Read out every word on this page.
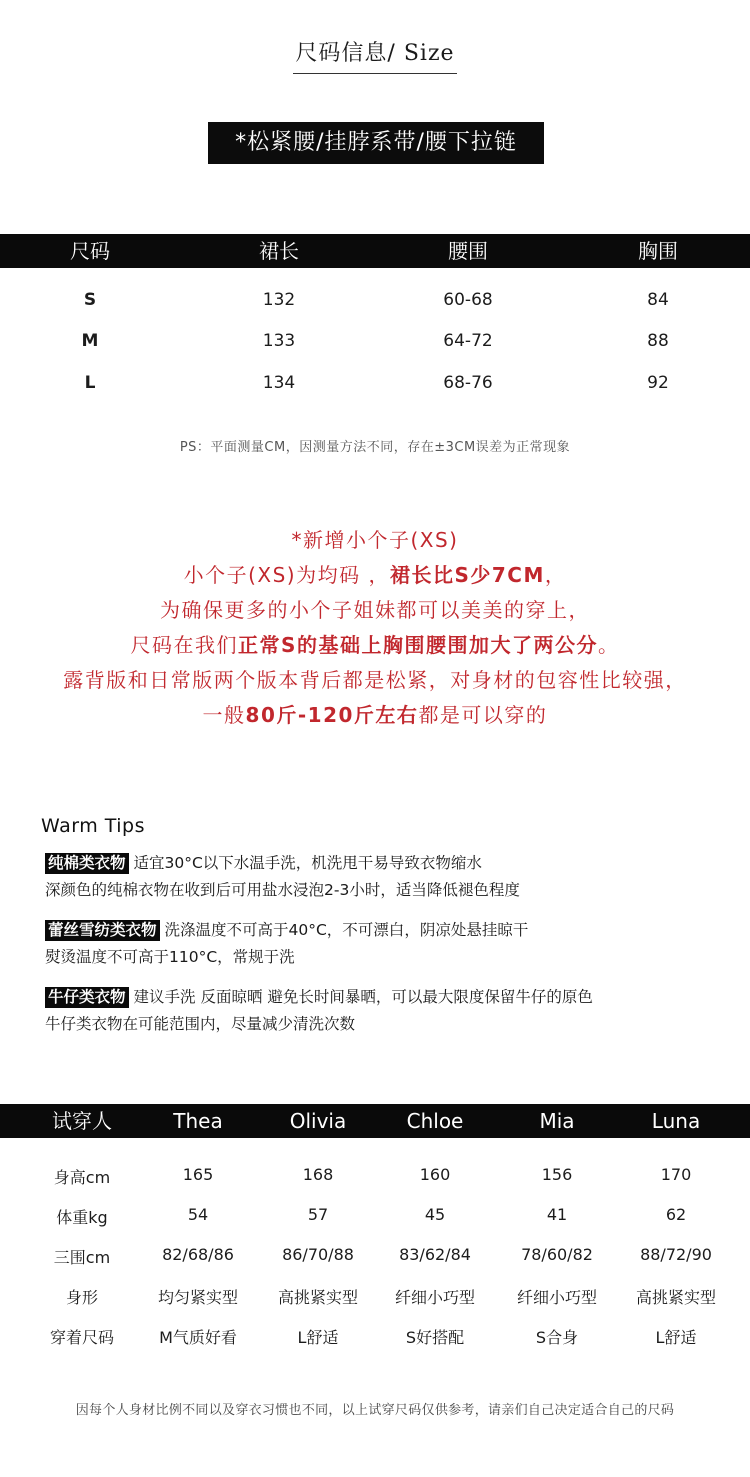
尺码信息/ Size
*松紧腰/挂脖系带/腰下拉链
尺码	裙长	腰围	胸围
S	132	60-68	84
M	133	64-72	88
L	134	68-76	92
PS：平面测量CM，因测量方法不同，存在±3CM误差为正常现象
*新增小个子(XS)
小个子(XS)为均码 ，裙长比S少7CM，
为确保更多的小个子姐妹都可以美美的穿上，
尺码在我们正常S的基础上胸围腰围加大了两公分。
露背版和日常版两个版本背后都是松紧，对身材的包容性比较强，
一般80斤-120斤左右都是可以穿的
Warm Tips
纯棉类衣物 适宜30°C以下水温手洗，机洗甩干易导致衣物缩水
深颜色的纯棉衣物在收到后可用盐水浸泡2-3小时，适当降低褪色程度
蕾丝雪纺类衣物 洗涤温度不可高于40°C，不可漂白，阴凉处悬挂晾干
熨烫温度不可高于110°C，常规于洗
牛仔类衣物 建议手洗 反面晾晒 避免长时间暴晒，可以最大限度保留牛仔的原色
牛仔类衣物在可能范围内，尽量减少清洗次数
试穿人	Thea	Olivia	Chloe	Mia	Luna
身高cm	165	168	160	156	170
体重kg	54	57	45	41	62
三围cm	82/68/86	86/70/88	83/62/84	78/60/82	88/72/90
身形	均匀紧实型	高挑紧实型	纤细小巧型	纤细小巧型	高挑紧实型
穿着尺码	M气质好看	L舒适	S好搭配	S合身	L舒适
因每个人身材比例不同以及穿衣习惯也不同，以上试穿尺码仅供参考，请亲们自己决定适合自己的尺码
